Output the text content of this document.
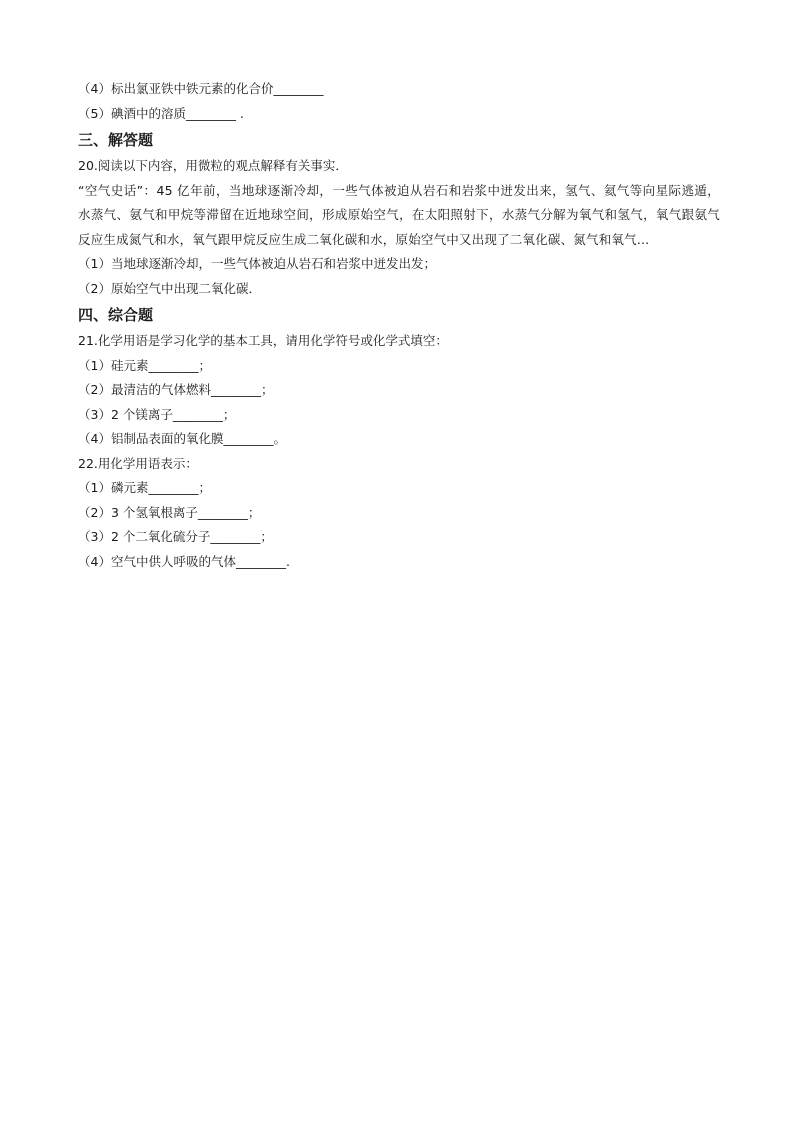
（4）标出氯亚铁中铁元素的化合价________

（5）碘酒中的溶质________ .

三、解答题

20.阅读以下内容，用微粒的观点解释有关事实．

“空气史话”：45 亿年前，当地球逐渐冷却，一些气体被迫从岩石和岩浆中迸发出来，氢气、氦气等向星际逃遁，水蒸气、氨气和甲烷等滞留在近地球空间，形成原始空气，在太阳照射下，水蒸气分解为氧气和氢气，氧气跟氨气反应生成氮气和水，氧气跟甲烷反应生成二氧化碳和水，原始空气中又出现了二氧化碳、氮气和氧气…

（1）当地球逐渐冷却，一些气体被迫从岩石和岩浆中迸发出发；

（2）原始空气中出现二氧化碳．

四、综合题

21.化学用语是学习化学的基本工具，请用化学符号或化学式填空：

（1）硅元素________；

（2）最清洁的气体燃料________；

（3）2 个镁离子________；

（4）铝制品表面的氧化膜________。

22.用化学用语表示：

（1）磷元素________；

（2）3 个氢氧根离子________；

（3）2 个二氧化硫分子________；

（4）空气中供人呼吸的气体________.
